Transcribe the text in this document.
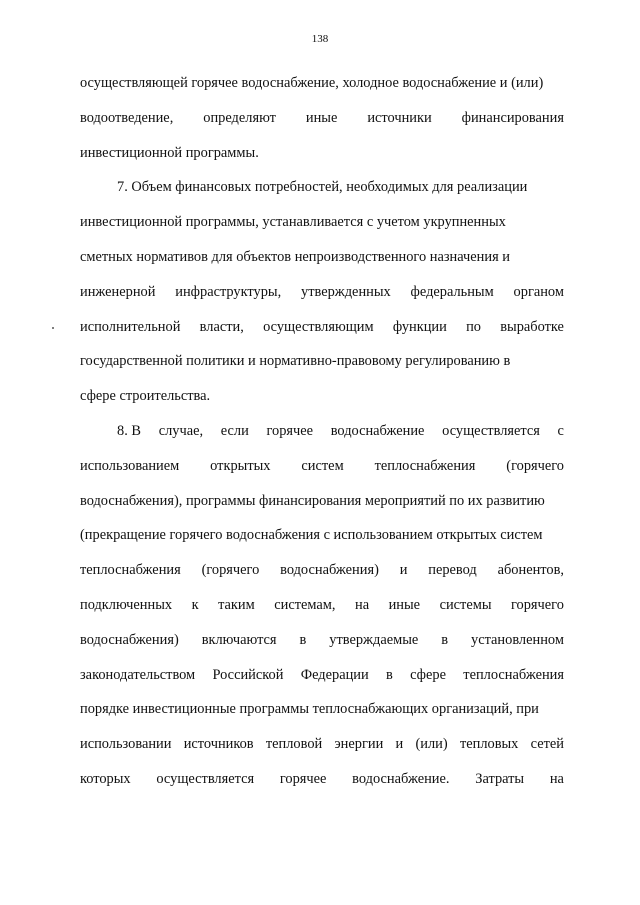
138
осуществляющей горячее водоснабжение, холодное водоснабжение и (или)
водоотведение, определяют иные источники финансирования
инвестиционной программы.
7. Объем финансовых потребностей, необходимых для реализации
инвестиционной программы, устанавливается с учетом укрупненных
сметных нормативов для объектов непроизводственного назначения и
инженерной инфраструктуры, утвержденных федеральным органом
исполнительной власти, осуществляющим функции по выработке
государственной политики и нормативно-правовому регулированию в
сфере строительства.
8. В случае, если горячее водоснабжение осуществляется с
использованием открытых систем теплоснабжения (горячего
водоснабжения), программы финансирования мероприятий по их развитию
(прекращение горячего водоснабжения с использованием открытых систем
теплоснабжения (горячего водоснабжения) и перевод абонентов,
подключенных к таким системам, на иные системы горячего
водоснабжения) включаются в утверждаемые в установленном
законодательством Российской Федерации в сфере теплоснабжения
порядке инвестиционные программы теплоснабжающих организаций, при
использовании источников тепловой энергии и (или) тепловых сетей
которых осуществляется горячее водоснабжение. Затраты на
